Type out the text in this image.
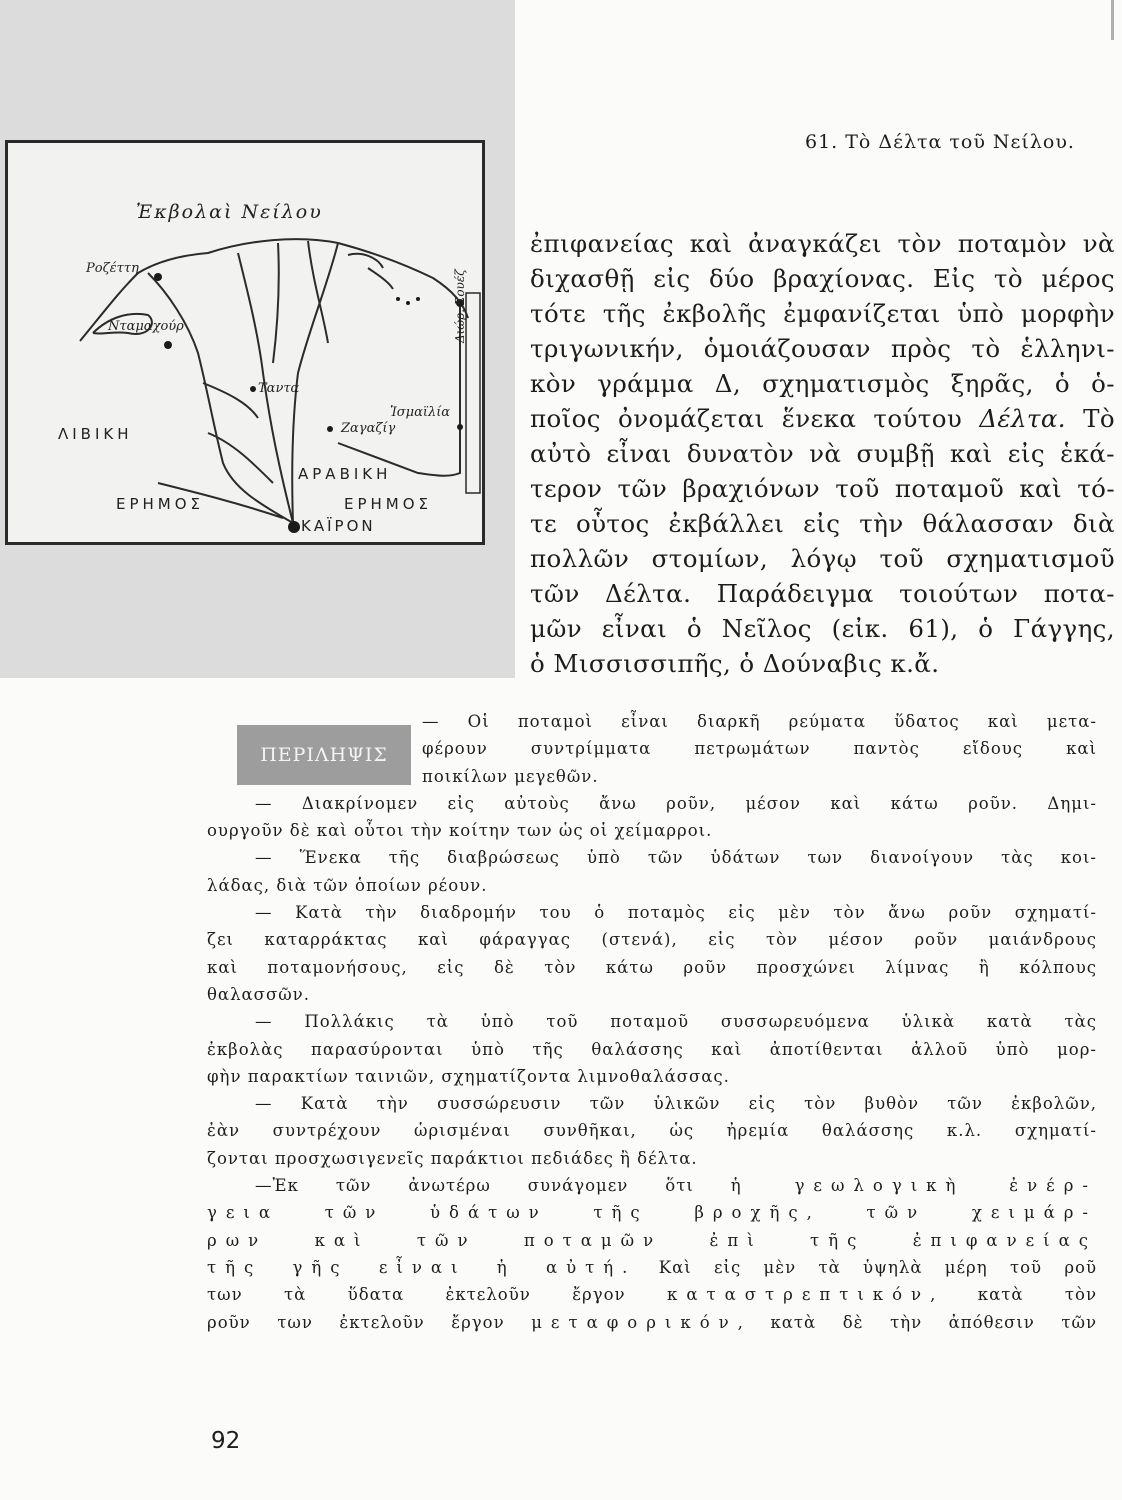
Ἐκβολαὶ Νείλου
Ροζέττη
Νταμαχούρ
Ταντα
Ἰσμαϊλία
Ζαγαζίγ
Διώρ. Σουέζ
ΛΙΒΙΚΗ
ΕΡΗΜΟΣ
ΑΡΑΒΙΚΗ
ΕΡΗΜΟΣ
ΚΑΪΡΟΝ
61. Τὸ Δέλτα τοῦ Νείλου.
ἐπιφανείας καὶ ἀναγκάζει τὸν ποταμὸν νὰ
διχασθῇ εἰς δύο βραχίονας. Εἰς τὸ μέρος
τότε τῆς ἐκβολῆς ἐμφανίζεται ὑπὸ μορφὴν
τριγωνικήν, ὁμοιάζουσαν πρὸς τὸ ἑλληνι-
κὸν γράμμα Δ, σχηματισμὸς ξηρᾶς, ὁ ὁ-
ποῖος ὀνομάζεται ἕνεκα τούτου Δέλτα. Τὸ
αὐτὸ εἶναι δυνατὸν νὰ συμβῇ καὶ εἰς ἑκά-
τερον τῶν βραχιόνων τοῦ ποταμοῦ καὶ τό-
τε οὗτος ἐκβάλλει εἰς τὴν θάλασσαν διὰ
πολλῶν στομίων, λόγῳ τοῦ σχηματισμοῦ
τῶν Δέλτα. Παράδειγμα τοιούτων ποτα-
μῶν εἶναι ὁ Νεῖλος (εἰκ. 61), ὁ Γάγγης,
ὁ Μισσισσιπῆς, ὁ Δούναβις κ.ἄ.
ΠΕΡΙΛΗΨΙΣ
— Οἱ ποταμοὶ εἶναι διαρκῆ ρεύματα ὕδατος καὶ μετα-
φέρουν συντρίμματα πετρωμάτων παντὸς εἴδους καὶ
ποικίλων μεγεθῶν.
— Διακρίνομεν εἰς αὐτοὺς ἄνω ροῦν, μέσον καὶ κάτω ροῦν. Δημι-
ουργοῦν δὲ καὶ οὗτοι τὴν κοίτην των ὡς οἱ χείμαρροι.
— Ἕνεκα τῆς διαβρώσεως ὑπὸ τῶν ὑδάτων των διανοίγουν τὰς κοι-
λάδας, διὰ τῶν ὁποίων ρέουν.
— Κατὰ τὴν διαδρομήν του ὁ ποταμὸς εἰς μὲν τὸν ἄνω ροῦν σχηματί-
ζει καταρράκτας καὶ φάραγγας (στενά), εἰς τὸν μέσον ροῦν μαιάνδρους
καὶ ποταμονήσους, εἰς δὲ τὸν κάτω ροῦν προσχώνει λίμνας ἢ κόλπους
θαλασσῶν.
— Πολλάκις τὰ ὑπὸ τοῦ ποταμοῦ συσσωρευόμενα ὑλικὰ κατὰ τὰς
ἐκβολὰς παρασύρονται ὑπὸ τῆς θαλάσσης καὶ ἀποτίθενται ἀλλοῦ ὑπὸ μορ-
φὴν παρακτίων ταινιῶν, σχηματίζοντα λιμνοθαλάσσας.
— Κατὰ τὴν συσσώρευσιν τῶν ὑλικῶν εἰς τὸν βυθὸν τῶν ἐκβολῶν,
ἐὰν συντρέχουν ὡρισμέναι συνθῆκαι, ὡς ἠρεμία θαλάσσης κ.λ. σχηματί-
ζονται προσχωσιγενεῖς παράκτιοι πεδιάδες ἢ δέλτα.
—Ἐκ τῶν ἀνωτέρω συνάγομεν ὅτι ἡ γεωλογικὴ ἐνέρ-
γεια τῶν ὑδάτων τῆς βροχῆς, τῶν χειμάρ-
ρων καὶ τῶν ποταμῶν ἐπὶ τῆς ἐπιφανείας
τῆς γῆς εἶναι ἡ αὐτή. Καὶ εἰς μὲν τὰ ὑψηλὰ μέρη τοῦ ροῦ
των τὰ ὕδατα ἐκτελοῦν ἔργον καταστρεπτικόν, κατὰ τὸν
ροῦν των ἐκτελοῦν ἔργον μεταφορικόν, κατὰ δὲ τὴν ἀπόθεσιν τῶν
92
